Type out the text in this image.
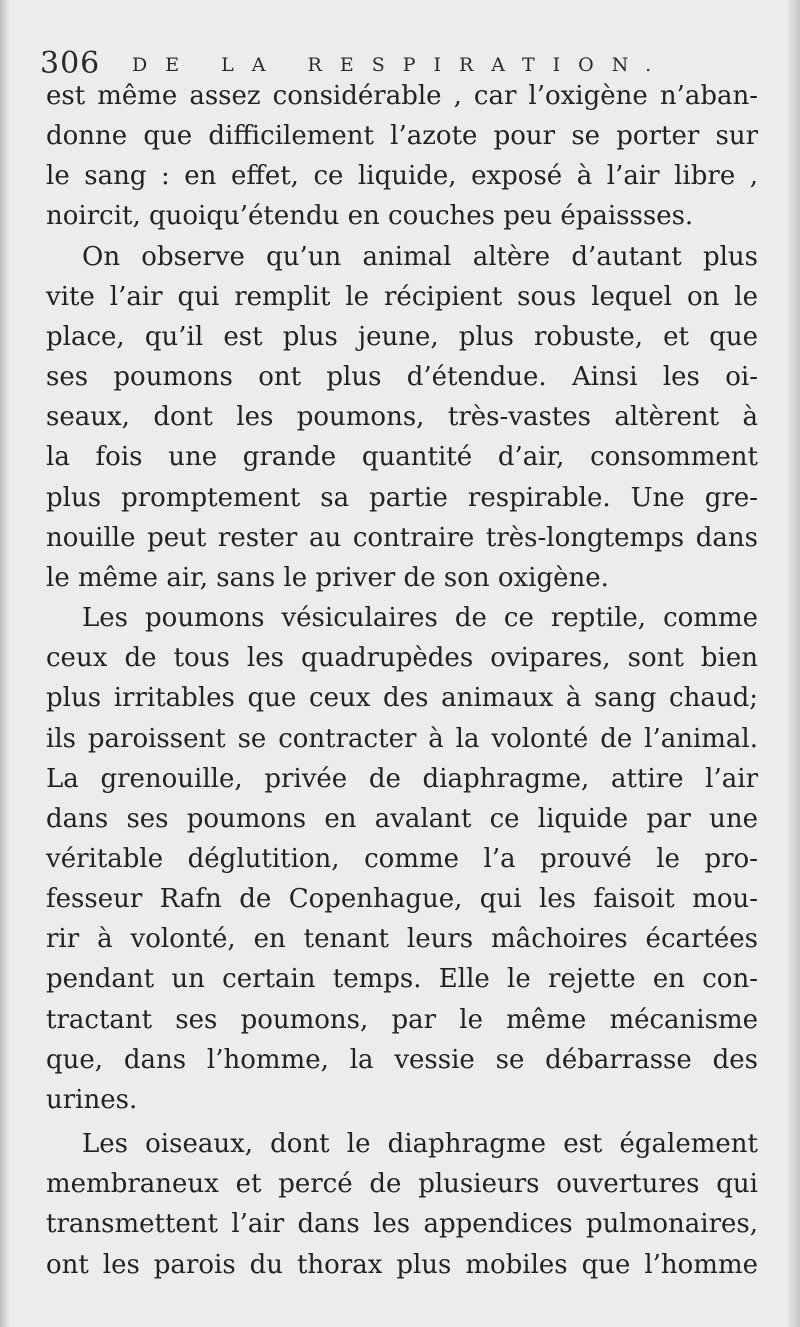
306 DE LA RESPIRATION.
est même assez considérable , car l’oxigène n’aban-
donne que difficilement l’azote pour se porter sur
le sang : en effet, ce liquide, exposé à l’air libre ,
noircit, quoiqu’étendu en couches peu épaissses.
On observe qu’un animal altère d’autant plus
vite l’air qui remplit le récipient sous lequel on le
place, qu’il est plus jeune, plus robuste, et que
ses poumons ont plus d’étendue. Ainsi les oi-
seaux, dont les poumons, très-vastes altèrent à
la fois une grande quantité d’air, consomment
plus promptement sa partie respirable. Une gre-
nouille peut rester au contraire très-longtemps dans
le même air, sans le priver de son oxigène.
Les poumons vésiculaires de ce reptile, comme
ceux de tous les quadrupèdes ovipares, sont bien
plus irritables que ceux des animaux à sang chaud;
ils paroissent se contracter à la volonté de l’animal.
La grenouille, privée de diaphragme, attire l’air
dans ses poumons en avalant ce liquide par une
véritable déglutition, comme l’a prouvé le pro-
fesseur Rafn de Copenhague, qui les faisoit mou-
rir à volonté, en tenant leurs mâchoires écartées
pendant un certain temps. Elle le rejette en con-
tractant ses poumons, par le même mécanisme
que, dans l’homme, la vessie se débarrasse des
urines.
Les oiseaux, dont le diaphragme est également
membraneux et percé de plusieurs ouvertures qui
transmettent l’air dans les appendices pulmonaires,
ont les parois du thorax plus mobiles que l’homme
